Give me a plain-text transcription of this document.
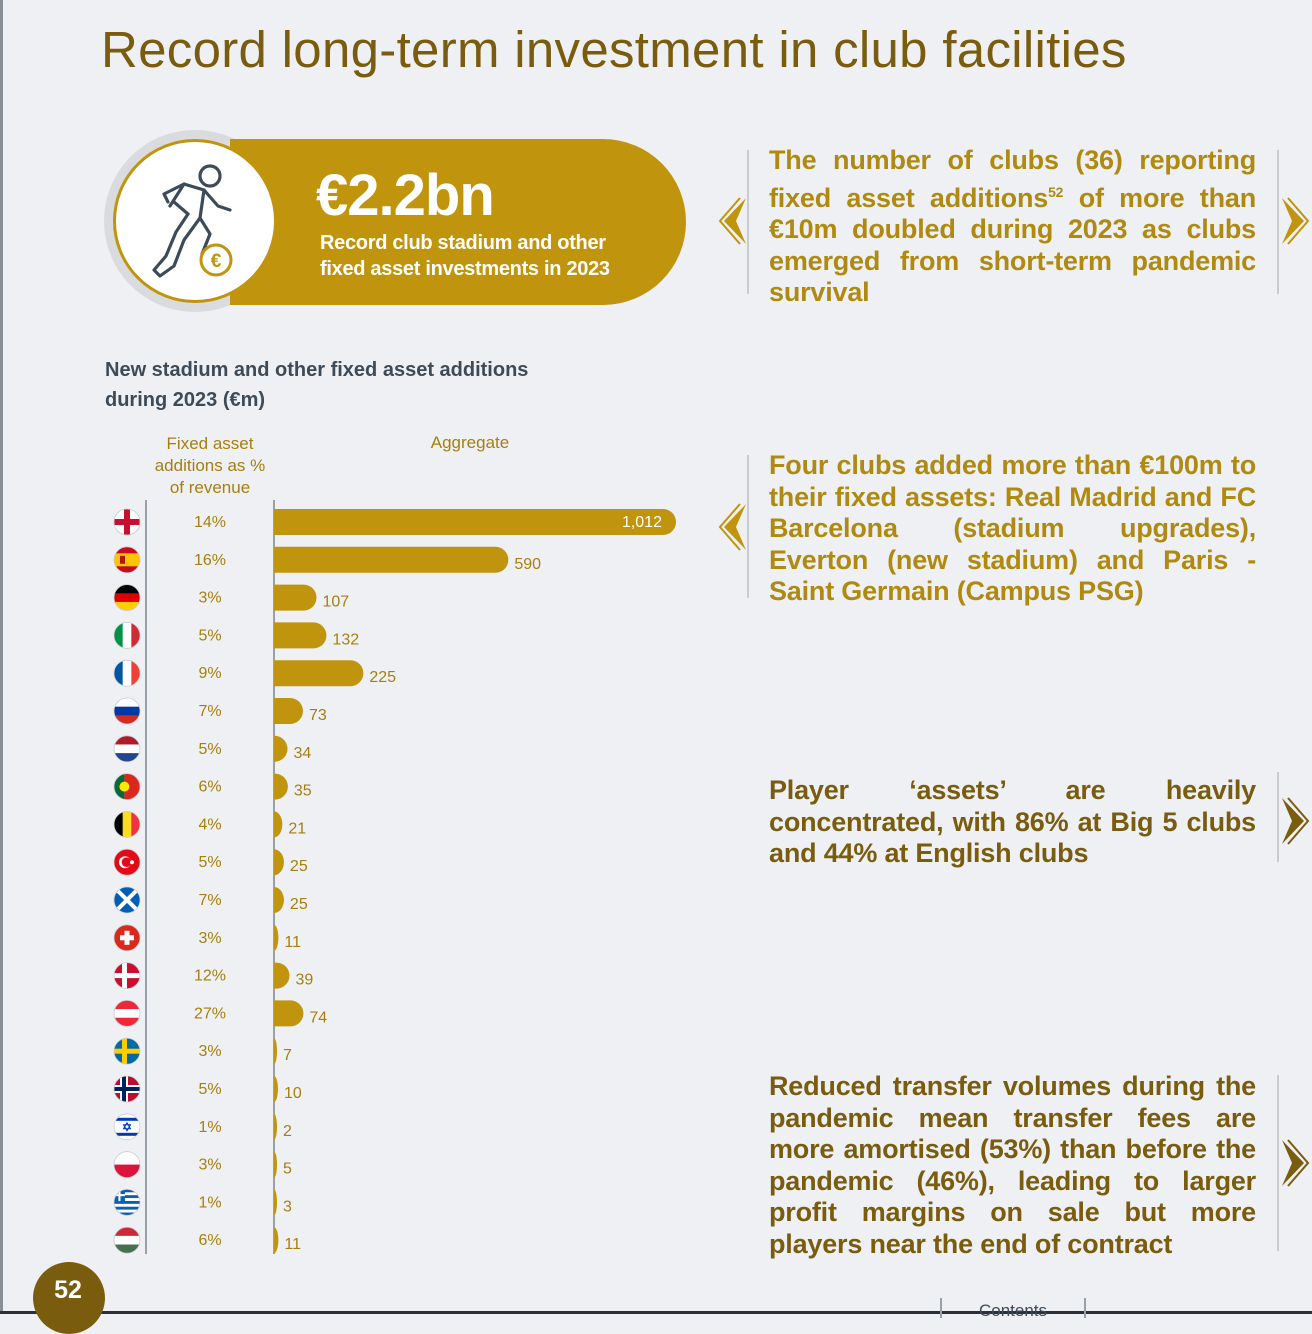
Record long-term investment in club facilities
€
€2.2bn
Record club stadium and other fixed asset investments in 2023
New stadium and other fixed asset additions during 2023 (€m)
Fixed asset additions as % of revenue
Aggregate
14%	1,012
16%	590
3%	107
5%	132
9%	225
7%	73
5%	34
6%	35
4%	21
5%	25
7%	25
3%	11
12%	39
27%	74
3%	7
5%	10
1%	2
3%	5
1%	3
6%	11
The number of clubs (36) reporting fixed asset additions$^{52}$ of more than €10m doubled during 2023 as clubs emerged from short-term pandemic survival
Four clubs added more than €100m to their fixed assets: Real Madrid and FC Barcelona (stadium upgrades), Everton (new stadium) and Paris -Saint Germain (Campus PSG)
Player ‘assets’ are heavily concentrated, with 86% at Big 5 clubs and 44% at English clubs
Reduced transfer volumes during the pandemic mean transfer fees are more amortised (53%) than before the pandemic (46%), leading to larger profit margins on sale but more players near the end of contract
52
Contents
